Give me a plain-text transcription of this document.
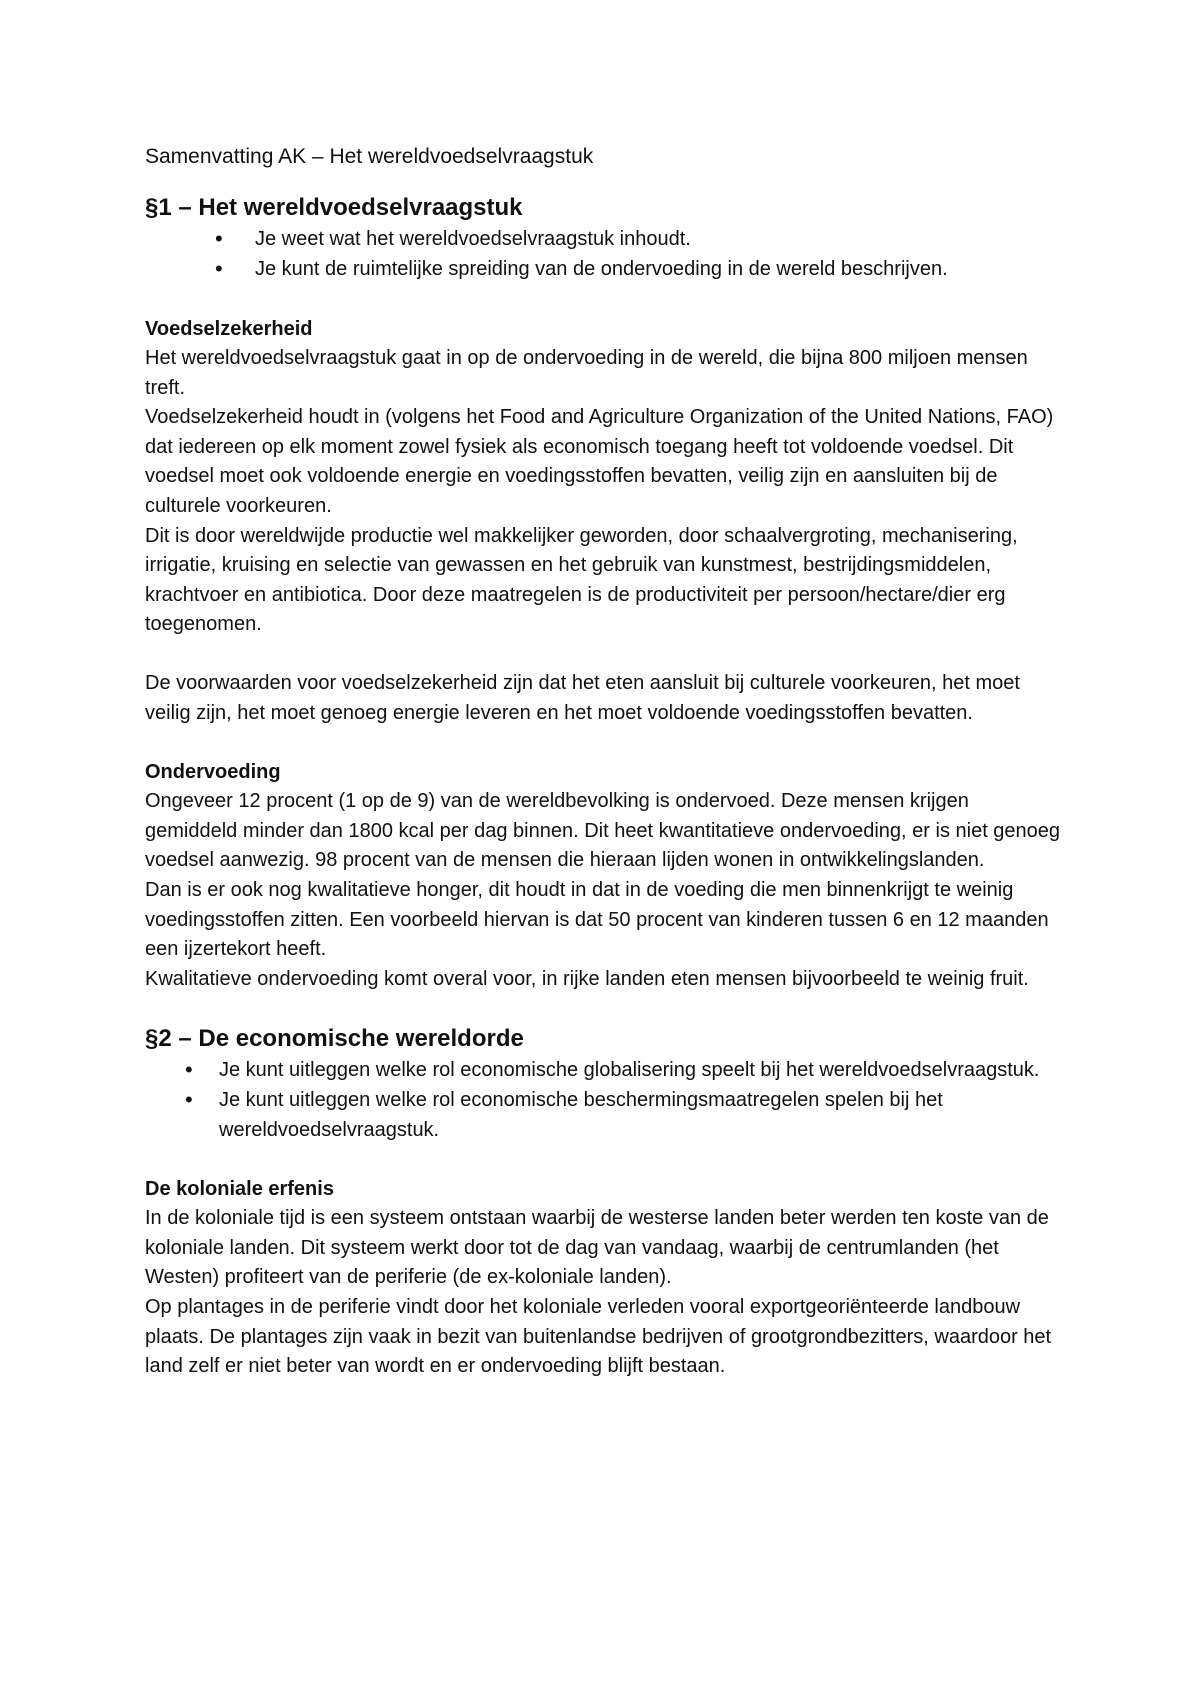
Samenvatting AK – Het wereldvoedselvraagstuk

§1 – Het wereldvoedselvraagstuk
• Je weet wat het wereldvoedselvraagstuk inhoudt.
• Je kunt de ruimtelijke spreiding van de ondervoeding in de wereld beschrijven.
Voedselzekerheid

Het wereldvoedselvraagstuk gaat in op de ondervoeding in de wereld, die bijna 800 miljoen mensen treft.

Voedselzekerheid houdt in (volgens het Food and Agriculture Organization of the United Nations, FAO) dat iedereen op elk moment zowel fysiek als economisch toegang heeft tot voldoende voedsel. Dit voedsel moet ook voldoende energie en voedingsstoffen bevatten, veilig zijn en aansluiten bij de culturele voorkeuren.

Dit is door wereldwijde productie wel makkelijker geworden, door schaalvergroting, mechanisering, irrigatie, kruising en selectie van gewassen en het gebruik van kunstmest, bestrijdingsmiddelen, krachtvoer en antibiotica. Door deze maatregelen is de productiviteit per persoon/hectare/dier erg toegenomen.

De voorwaarden voor voedselzekerheid zijn dat het eten aansluit bij culturele voorkeuren, het moet veilig zijn, het moet genoeg energie leveren en het moet voldoende voedingsstoffen bevatten.

Ondervoeding

Ongeveer 12 procent (1 op de 9) van de wereldbevolking is ondervoed. Deze mensen krijgen gemiddeld minder dan 1800 kcal per dag binnen. Dit heet kwantitatieve ondervoeding, er is niet genoeg voedsel aanwezig. 98 procent van de mensen die hieraan lijden wonen in ontwikkelingslanden.

Dan is er ook nog kwalitatieve honger, dit houdt in dat in de voeding die men binnenkrijgt te weinig voedingsstoffen zitten. Een voorbeeld hiervan is dat 50 procent van kinderen tussen 6 en 12 maanden een ijzertekort heeft.

Kwalitatieve ondervoeding komt overal voor, in rijke landen eten mensen bijvoorbeeld te weinig fruit.

§2 – De economische wereldorde
• Je kunt uitleggen welke rol economische globalisering speelt bij het wereldvoedselvraagstuk.
• Je kunt uitleggen welke rol economische beschermingsmaatregelen spelen bij het wereldvoedselvraagstuk.
De koloniale erfenis

In de koloniale tijd is een systeem ontstaan waarbij de westerse landen beter werden ten koste van de koloniale landen. Dit systeem werkt door tot de dag van vandaag, waarbij de centrumlanden (het Westen) profiteert van de periferie (de ex-koloniale landen).

Op plantages in de periferie vindt door het koloniale verleden vooral exportgeoriënteerde landbouw plaats. De plantages zijn vaak in bezit van buitenlandse bedrijven of grootgrondbezitters, waardoor het land zelf er niet beter van wordt en er ondervoeding blijft bestaan.
